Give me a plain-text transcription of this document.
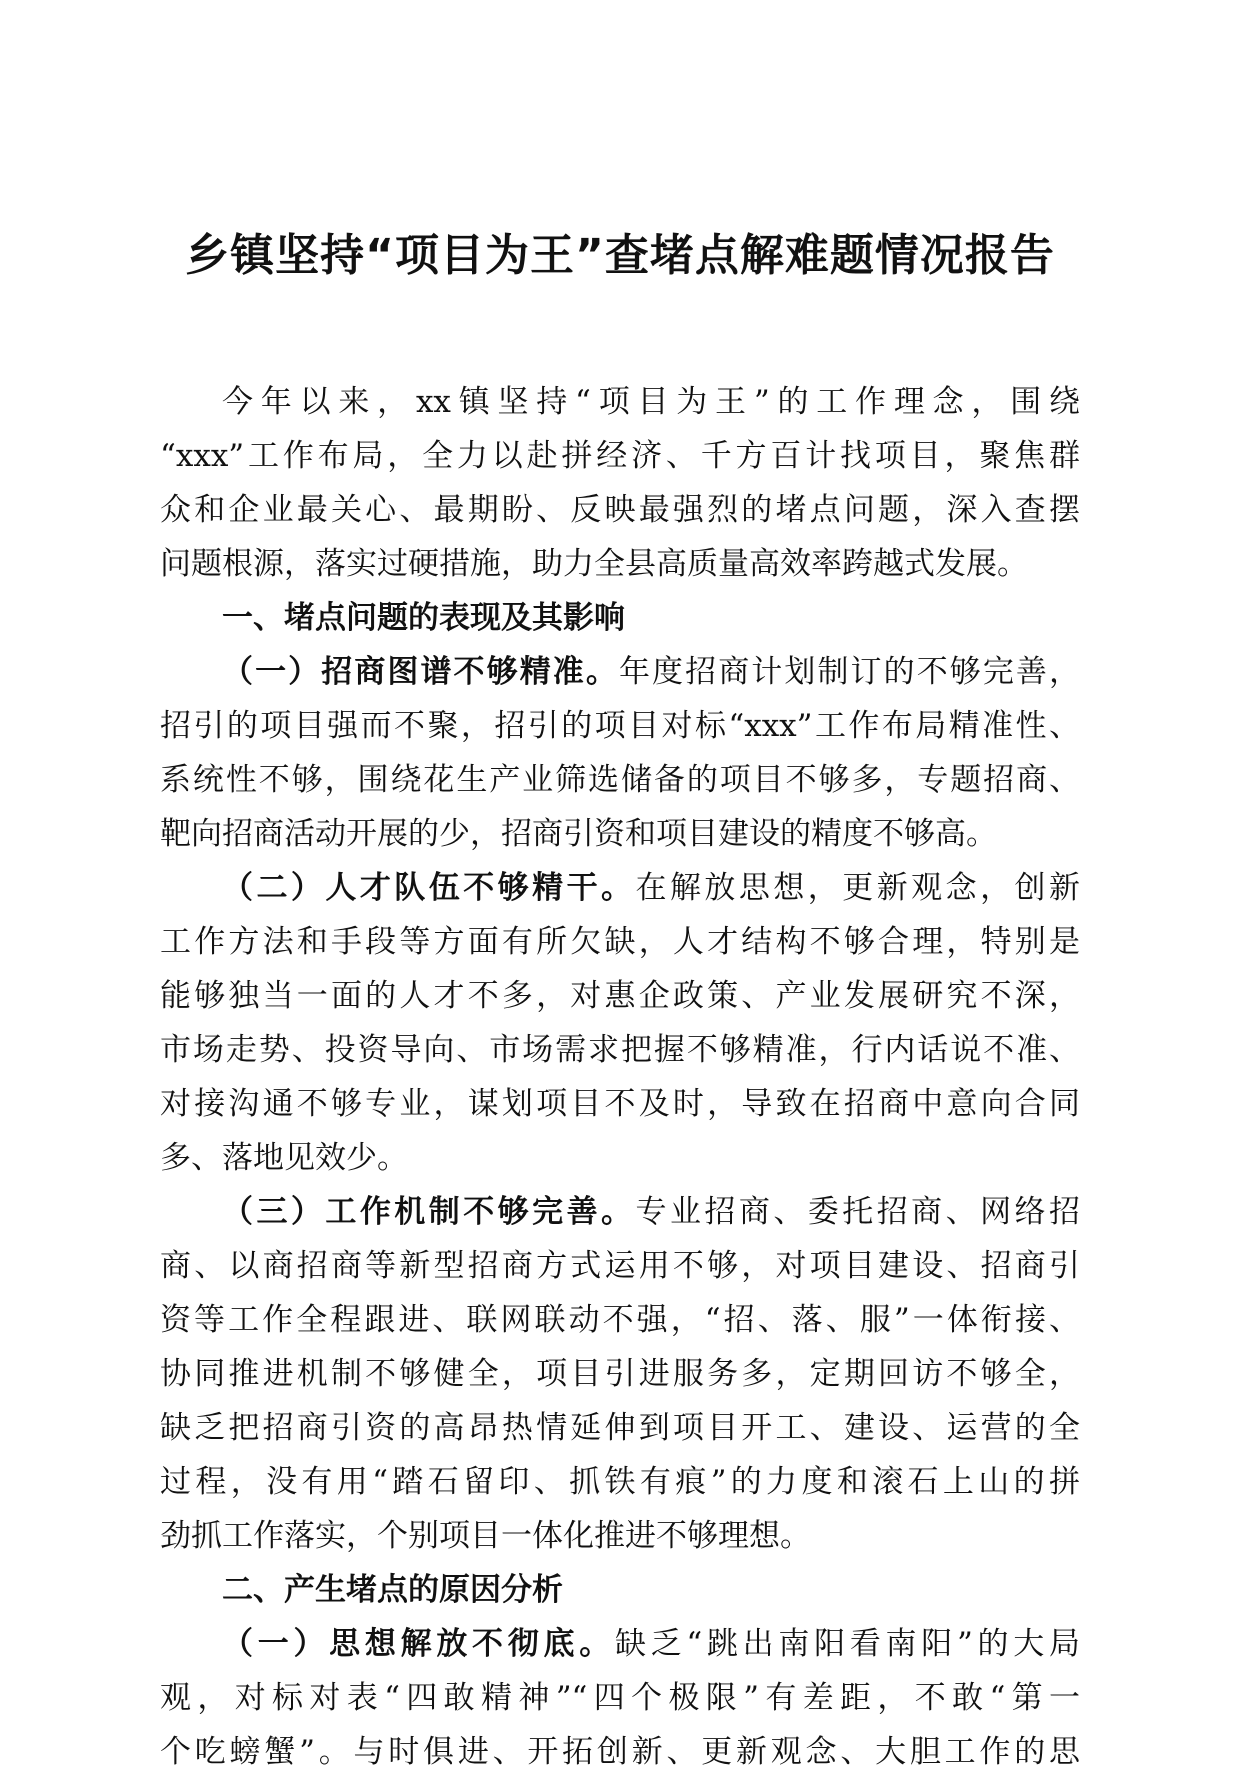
乡镇坚持“项目为王”查堵点解难题情况报告
今年以来，xx镇坚持“项目为王”的工作理念，围绕
“xxx”工作布局，全力以赴拼经济、千方百计找项目，聚焦群
众和企业最关心、最期盼、反映最强烈的堵点问题，深入查摆
问题根源，落实过硬措施，助力全县高质量高效率跨越式发展。
一、堵点问题的表现及其影响
（一）招商图谱不够精准。年度招商计划制订的不够完善，
招引的项目强而不聚，招引的项目对标“xxx”工作布局精准性、
系统性不够，围绕花生产业筛选储备的项目不够多，专题招商、
靶向招商活动开展的少，招商引资和项目建设的精度不够高。
（二）人才队伍不够精干。在解放思想，更新观念，创新
工作方法和手段等方面有所欠缺，人才结构不够合理，特别是
能够独当一面的人才不多，对惠企政策、产业发展研究不深，
市场走势、投资导向、市场需求把握不够精准，行内话说不准、
对接沟通不够专业，谋划项目不及时，导致在招商中意向合同
多、落地见效少。
（三）工作机制不够完善。专业招商、委托招商、网络招
商、以商招商等新型招商方式运用不够，对项目建设、招商引
资等工作全程跟进、联网联动不强，“招、落、服”一体衔接、
协同推进机制不够健全，项目引进服务多，定期回访不够全，
缺乏把招商引资的高昂热情延伸到项目开工、建设、运营的全
过程，没有用“踏石留印、抓铁有痕”的力度和滚石上山的拼
劲抓工作落实，个别项目一体化推进不够理想。
二、产生堵点的原因分析
（一）思想解放不彻底。缺乏“跳出南阳看南阳”的大局
观，对标对表“四敢精神”“四个极限”有差距，不敢“第一
个吃螃蟹”。与时俱进、开拓创新、更新观念、大胆工作的思
